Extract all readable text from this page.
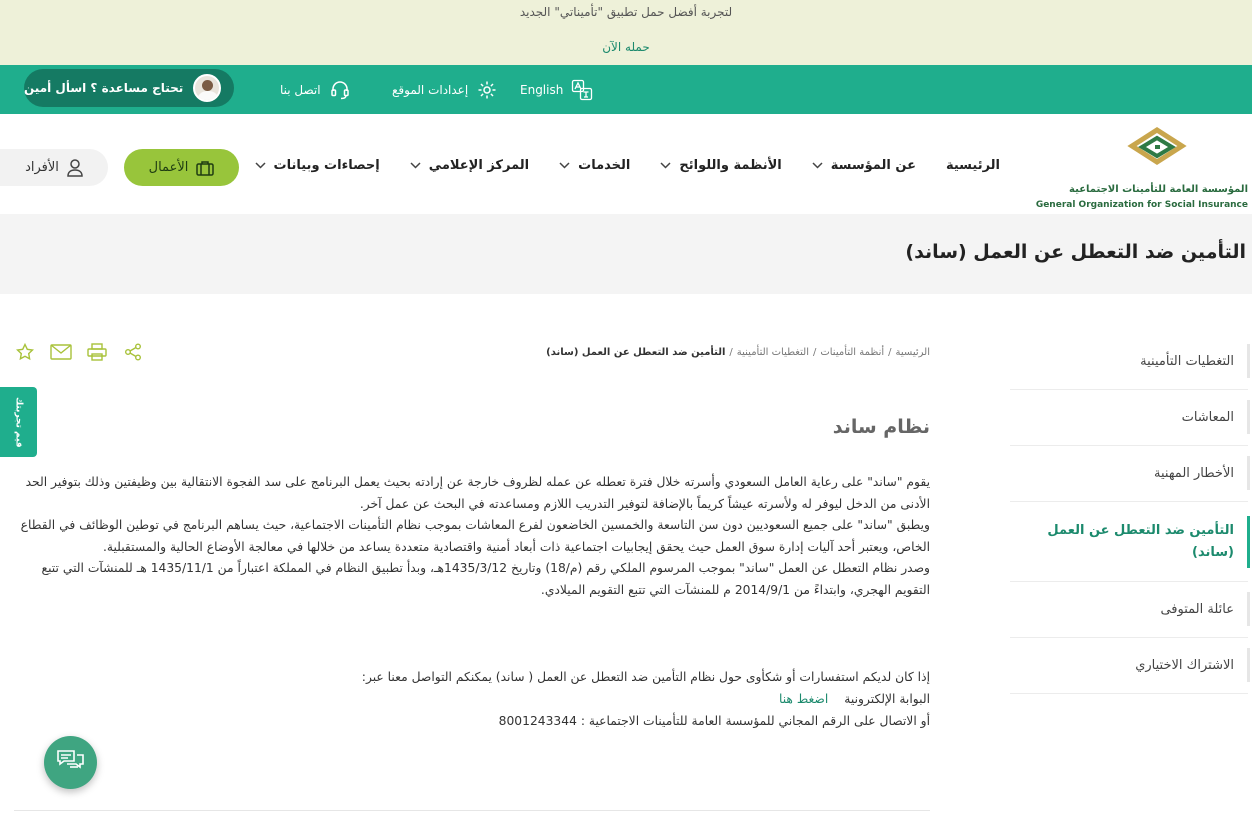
لتجربة أفضل حمل تطبيق "تأميناتي" الجديد
حمله الآن
تحتاج مساعدة ؟ اسأل أمين	اتصل بنا	إعدادات الموقع	English
المؤسسة العامة للتأمينات الاجتماعية
General Organization for Social Insurance
الرئيسية
عن المؤسسة
الأنظمة واللوائح
الخدمات
المركز الإعلامي
إحصاءات وبيانات
الأعمال
الأفراد
التأمين ضد التعطل عن العمل (ساند)
الرئيسية/أنظمة التأمينات/التغطيات التأمينية/التأمين ضد التعطل عن العمل (ساند)
نظام ساند

يقوم "ساند" على رعاية العامل السعودي وأسرته خلال فترة تعطله عن عمله لظروف خارجة عن إرادته بحيث يعمل البرنامج على سد الفجوة الانتقالية بين وظيفتين وذلك بتوفير الحد الأدنى من الدخل ليوفر له ولأسرته عيشاً كريماً بالإضافة لتوفير التدريب اللازم ومساعدته في البحث عن عمل آخر.

ويطبق "ساند" على جميع السعوديين دون سن التاسعة والخمسين الخاضعون لفرع المعاشات بموجب نظام التأمينات الاجتماعية، حيث يساهم البرنامج في توطين الوظائف في القطاع الخاص، ويعتبر أحد آليات إدارة سوق العمل حيث يحقق إيجابيات اجتماعية ذات أبعاد أمنية واقتصادية متعددة يساعد من خلالها في معالجة الأوضاع الحالية والمستقبلية.

وصدر نظام التعطل عن العمل "ساند" بموجب المرسوم الملكي رقم (م/18) وتاريخ 1435/3/12هـ، وبدأ تطبيق النظام في المملكة اعتباراً من 1435/11/1 هـ للمنشآت التي تتبع التقويم الهجري، وابتداءً من 2014/9/1 م للمنشآت التي تتبع التقويم الميلادي.

إذا كان لديكم استفسارات أو شكأوى حول نظام التأمين ضد التعطل عن العمل ( ساند) يمكنكم التواصل معنا عبر:
البوابة الإلكترونيةاضغط هنا
أو الاتصال على الرقم المجاني للمؤسسة العامة للتأمينات الاجتماعية : 8001243344
التغطيات التأمينية
المعاشات
الأخطار المهنية
التأمين ضد التعطل عن العمل (ساند)
عائلة المتوفى
الاشتراك الاختياري
قيم تجربتك
